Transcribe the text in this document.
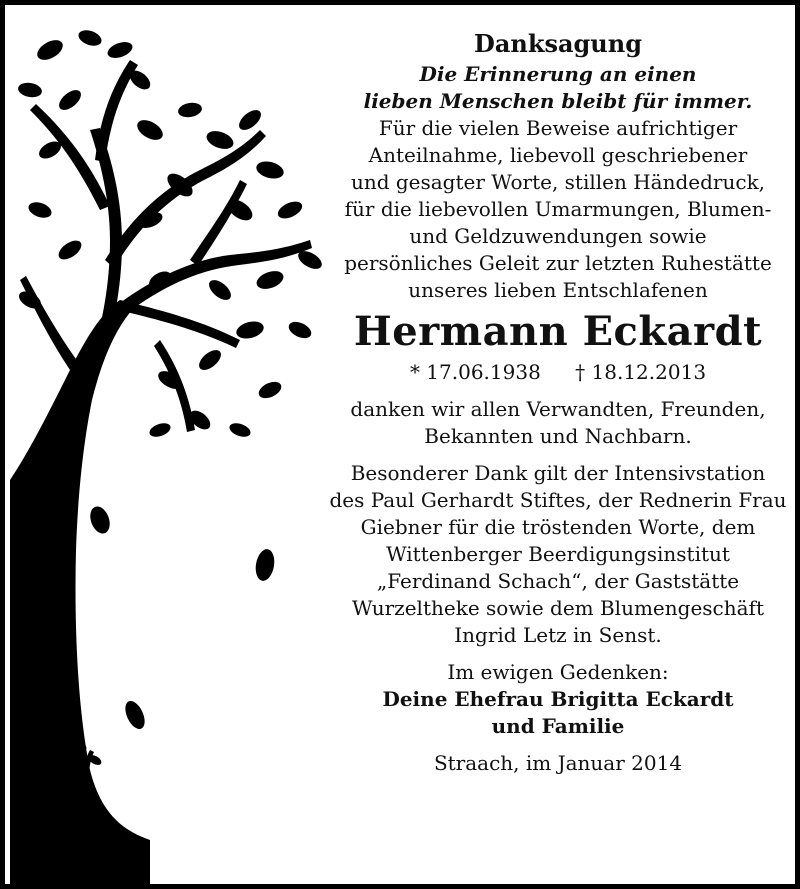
Danksagung
Die Erinnerung an einen
lieben Menschen bleibt für immer.
Für die vielen Beweise aufrichtiger
Anteilnahme, liebevoll geschriebener
und gesagter Worte, stillen Händedruck,
für die liebevollen Umarmungen, Blumen-
und Geldzuwendungen sowie
persönliches Geleit zur letzten Ruhestätte
unseres lieben Entschlafenen
Hermann Eckardt
* 17.06.1938 † 18.12.2013
danken wir allen Verwandten, Freunden,
Bekannten und Nachbarn.
Besonderer Dank gilt der Intensivstation
des Paul Gerhardt Stiftes, der Rednerin Frau
Giebner für die tröstenden Worte, dem
Wittenberger Beerdigungsinstitut
„Ferdinand Schach“, der Gaststätte
Wurzeltheke sowie dem Blumengeschäft
Ingrid Letz in Senst.
Im ewigen Gedenken:
Deine Ehefrau Brigitta Eckardt
und Familie
Straach, im Januar 2014
